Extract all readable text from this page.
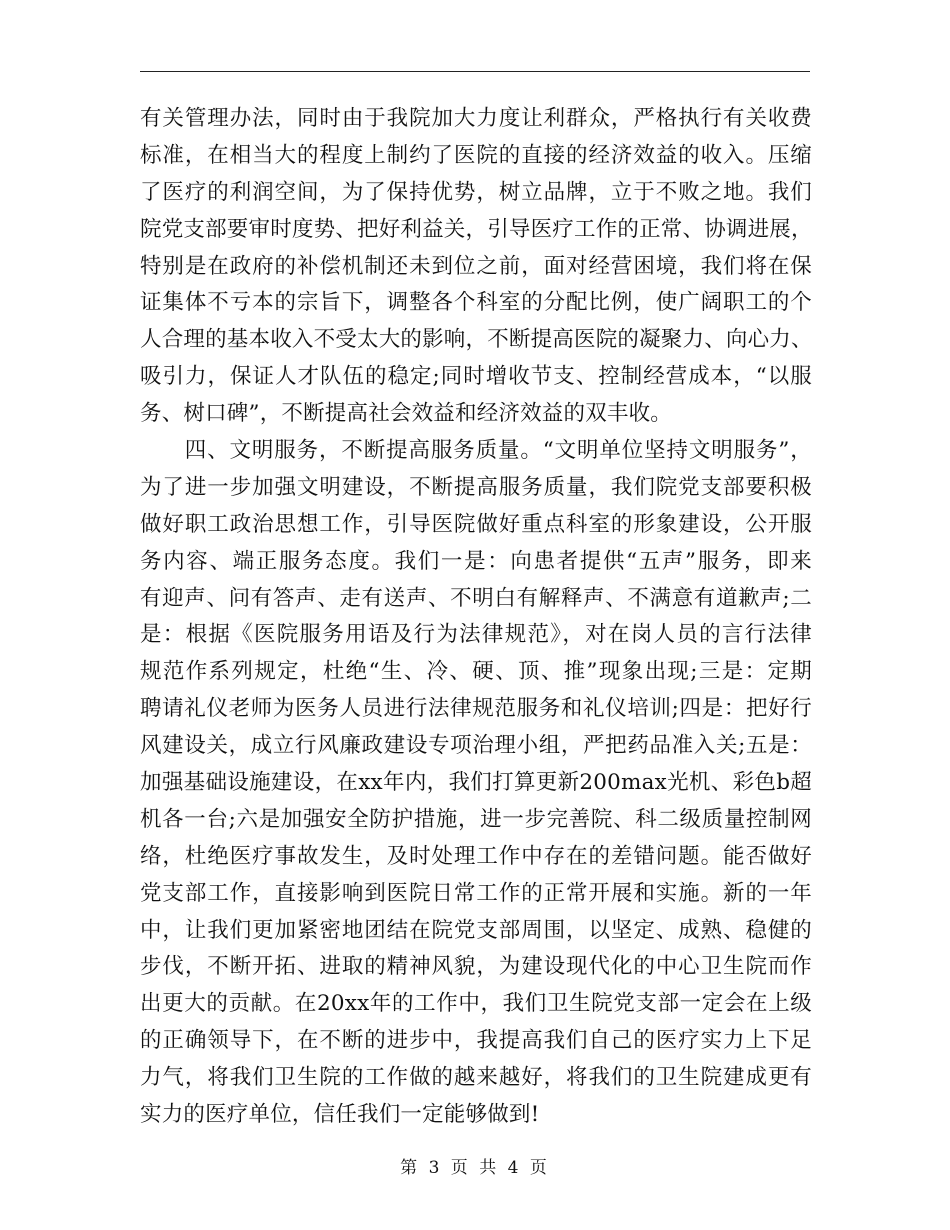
有关管理办法，同时由于我院加大力度让利群众，严格执行有关收费
标准，在相当大的程度上制约了医院的直接的经济效益的收入。压缩
了医疗的利润空间，为了保持优势，树立品牌，立于不败之地。我们
院党支部要审时度势、把好利益关，引导医疗工作的正常、协调进展，
特别是在政府的补偿机制还未到位之前，面对经营困境，我们将在保
证集体不亏本的宗旨下，调整各个科室的分配比例，使广阔职工的个
人合理的基本收入不受太大的影响，不断提高医院的凝聚力、向心力、
吸引力，保证人才队伍的稳定;同时增收节支、控制经营成本，“以服
务、树口碑”，不断提高社会效益和经济效益的双丰收。
　　四、文明服务，不断提高服务质量。“文明单位坚持文明服务”，
为了进一步加强文明建设，不断提高服务质量，我们院党支部要积极
做好职工政治思想工作，引导医院做好重点科室的形象建设，公开服
务内容、端正服务态度。我们一是：向患者提供“五声”服务，即来
有迎声、问有答声、走有送声、不明白有解释声、不满意有道歉声;二
是：根据《医院服务用语及行为法律规范》，对在岗人员的言行法律
规范作系列规定，杜绝“生、冷、硬、顶、推”现象出现;三是：定期
聘请礼仪老师为医务人员进行法律规范服务和礼仪培训;四是：把好行
风建设关，成立行风廉政建设专项治理小组，严把药品准入关;五是：
加强基础设施建设，在xx年内，我们打算更新200max光机、彩色b超
机各一台;六是加强安全防护措施，进一步完善院、科二级质量控制网
络，杜绝医疗事故发生，及时处理工作中存在的差错问题。能否做好
党支部工作，直接影响到医院日常工作的正常开展和实施。新的一年
中，让我们更加紧密地团结在院党支部周围，以坚定、成熟、稳健的
步伐，不断开拓、进取的精神风貌，为建设现代化的中心卫生院而作
出更大的贡献。在20xx年的工作中，我们卫生院党支部一定会在上级
的正确领导下，在不断的进步中，我提高我们自己的医疗实力上下足
力气，将我们卫生院的工作做的越来越好，将我们的卫生院建成更有
实力的医疗单位，信任我们一定能够做到!
第 3 页 共 4 页
